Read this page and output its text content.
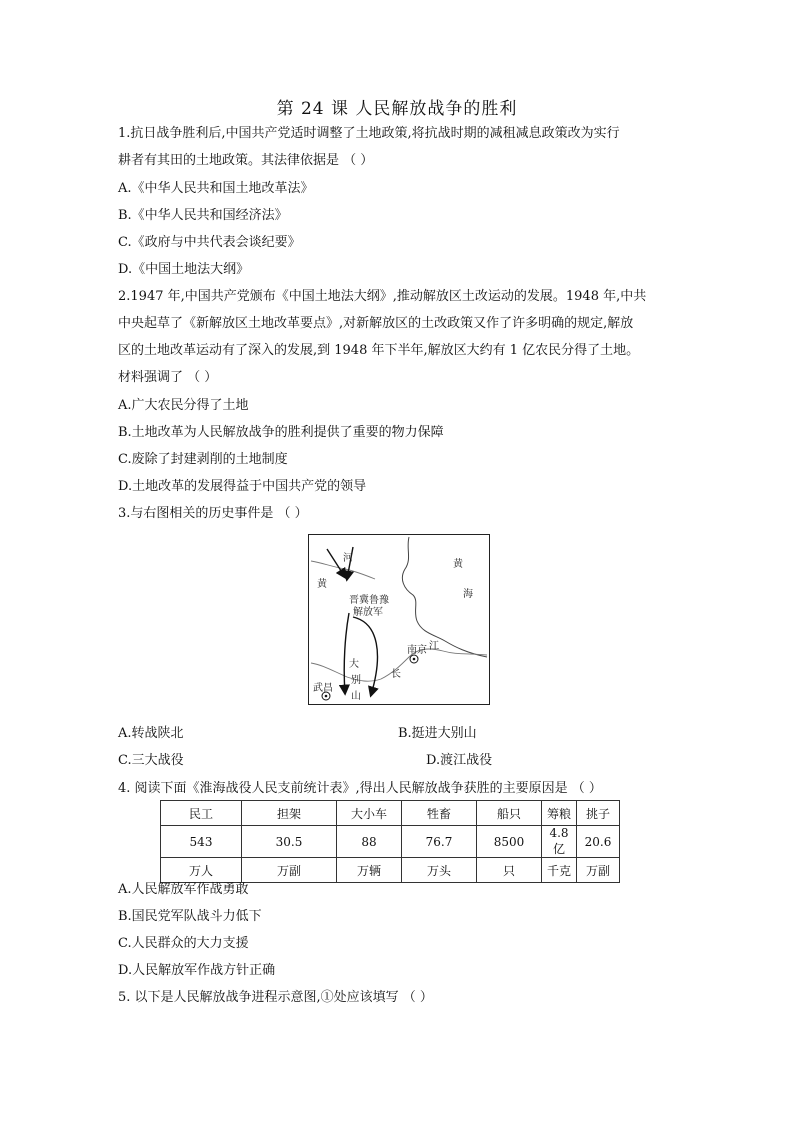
第 24 课 人民解放战争的胜利
1.抗日战争胜利后,中国共产党适时调整了土地政策,将抗战时期的减租减息政策改为实行
耕者有其田的土地政策。其法律依据是 （ ）
A.《中华人民共和国土地改革法》
B.《中华人民共和国经济法》
C.《政府与中共代表会谈纪要》
D.《中国土地法大纲》
2.1947 年,中国共产党颁布《中国土地法大纲》,推动解放区土改运动的发展。1948 年,中共
中央起草了《新解放区土地改革要点》,对新解放区的土改政策又作了许多明确的规定,解放
区的土地改革运动有了深入的发展,到 1948 年下半年,解放区大约有 1 亿农民分得了土地。
材料强调了 （ ）
A.广大农民分得了土地
B.土地改革为人民解放战争的胜利提供了重要的物力保障
C.废除了封建剥削的土地制度
D.土地改革的发展得益于中国共产党的领导
3.与右图相关的历史事件是 （ ）
河
黄
黄
海
晋冀鲁豫
解放军
南京 江
长
大
别
山
武昌
A.转战陕北	B.挺进大别山
C.三大战役	D.渡江战役
4. 阅读下面《淮海战役人民支前统计表》,得出人民解放战争获胜的主要原因是 （ ）
民工	担架	大小车	牲畜	船只	筹粮	挑子
543	30.5	88	76.7	8500	4.8亿	20.6
万人	万副	万辆	万头	只	千克	万副
A.人民解放军作战勇敢
B.国民党军队战斗力低下
C.人民群众的大力支援
D.人民解放军作战方针正确
5. 以下是人民解放战争进程示意图,①处应该填写 （ ）
